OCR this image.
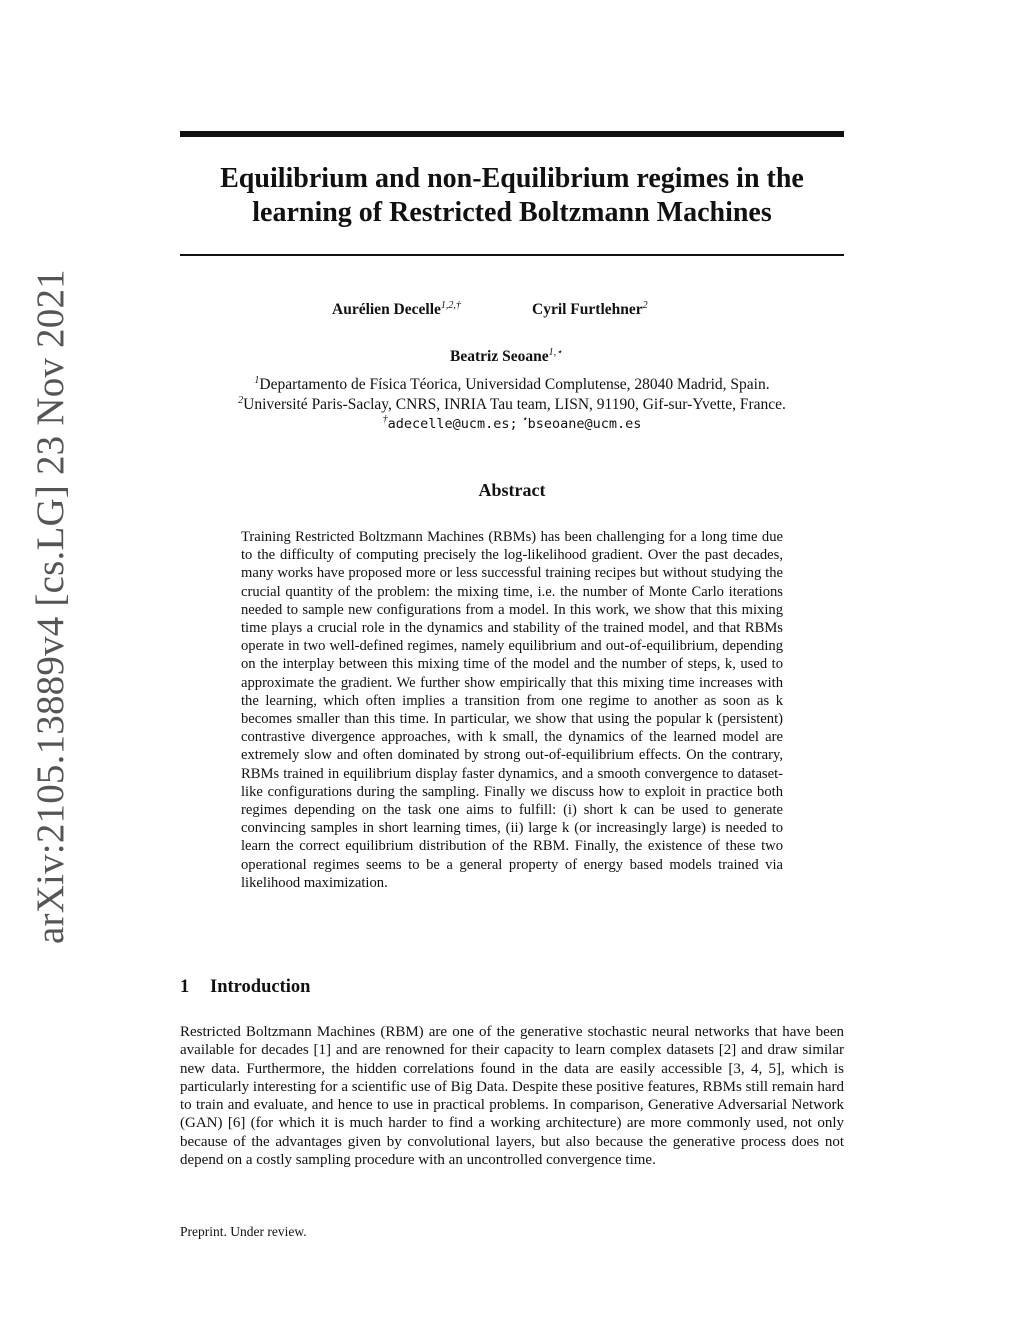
arXiv:2105.13889v4 [cs.LG] 23 Nov 2021
Equilibrium and non-Equilibrium regimes in the
learning of Restricted Boltzmann Machines
Aurélien Decelle$^{1,2,\dagger}$	Cyril Furtlehner$^2$
Beatriz Seoane$^{1,⋆}$
$^1$Departamento de Física Téorica, Universidad Complutense, 28040 Madrid, Spain.
$^2$Université Paris-Saclay, CNRS, INRIA Tau team, LISN, 91190, Gif-sur-Yvette, France.
†adecelle@ucm.es; ⋆bseoane@ucm.es
Abstract

Training Restricted Boltzmann Machines (RBMs) has been challenging for a long time due to the difficulty of computing precisely the log-likelihood gradient. Over the past decades, many works have proposed more or less successful training recipes but without studying the crucial quantity of the problem: the mixing time, i.e. the number of Monte Carlo iterations needed to sample new configurations from a model. In this work, we show that this mixing time plays a crucial role in the dynamics and stability of the trained model, and that RBMs operate in two well-defined regimes, namely equilibrium and out-of-equilibrium, depending on the interplay between this mixing time of the model and the number of steps, k, used to approximate the gradient. We further show empirically that this mixing time increases with the learning, which often implies a transition from one regime to another as soon as k becomes smaller than this time. In particular, we show that using the popular k (persistent) contrastive divergence approaches, with k small, the dynamics of the learned model are extremely slow and often dominated by strong out-of-equilibrium effects. On the contrary, RBMs trained in equilibrium display faster dynamics, and a smooth convergence to dataset-like configurations during the sampling. Finally we discuss how to exploit in practice both regimes depending on the task one aims to fulfill: (i) short k can be used to generate convincing samples in short learning times, (ii) large k (or increasingly large) is needed to learn the correct equilibrium distribution of the RBM. Finally, the existence of these two operational regimes seems to be a general property of energy based models trained via likelihood maximization.

1 Introduction

Restricted Boltzmann Machines (RBM) are one of the generative stochastic neural networks that have been available for decades [1] and are renowned for their capacity to learn complex datasets [2] and draw similar new data. Furthermore, the hidden correlations found in the data are easily accessible [3, 4, 5], which is particularly interesting for a scientific use of Big Data. Despite these positive features, RBMs still remain hard to train and evaluate, and hence to use in practical problems. In comparison, Generative Adversarial Network (GAN) [6] (for which it is much harder to find a working architecture) are more commonly used, not only because of the advantages given by convolutional layers, but also because the generative process does not depend on a costly sampling procedure with an uncontrolled convergence time.

Preprint. Under review.
